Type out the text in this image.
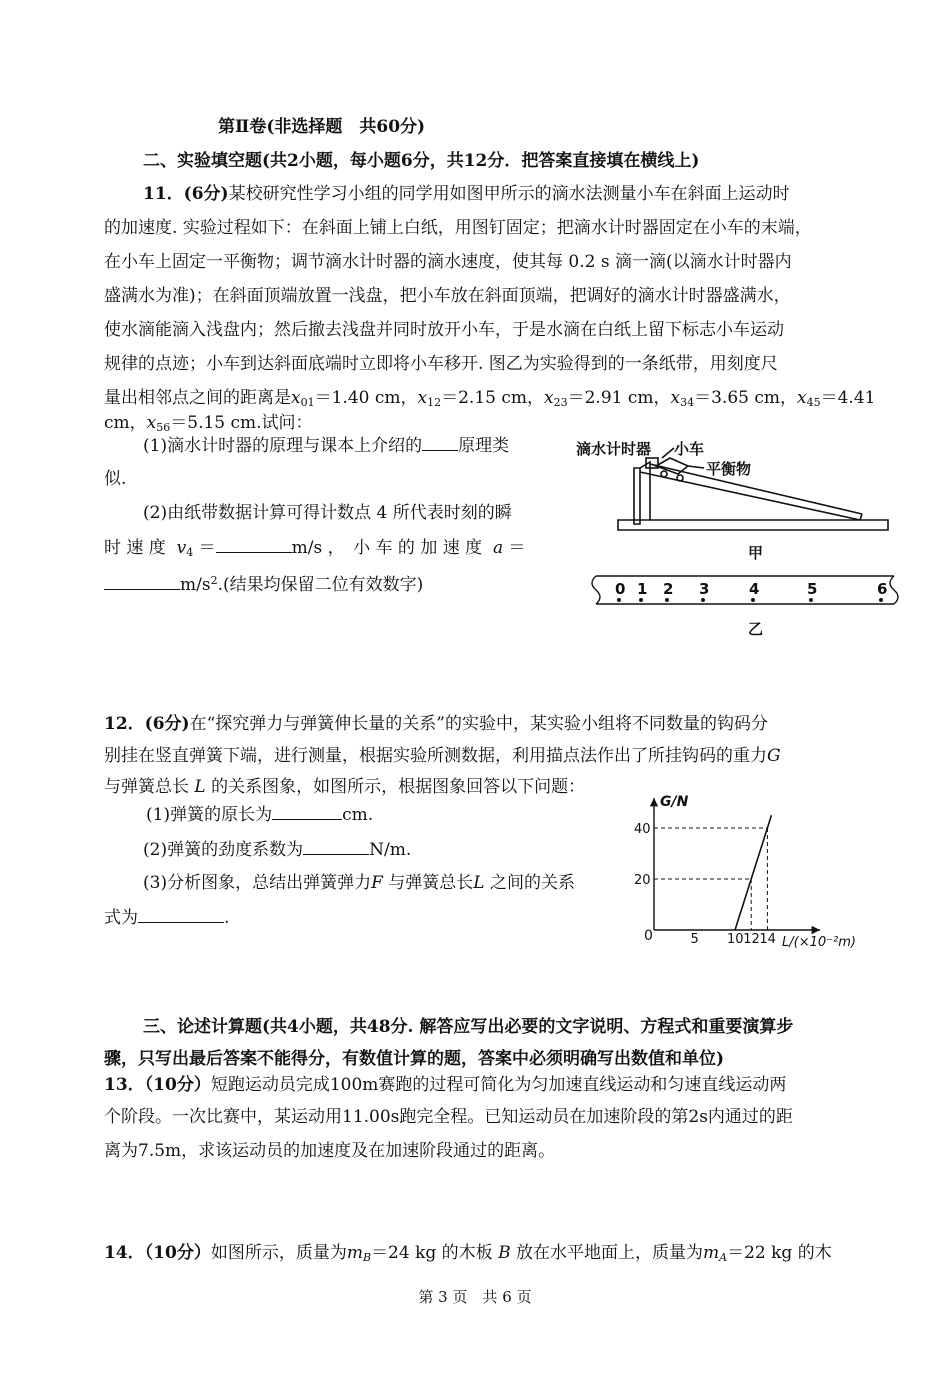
第Ⅱ卷(非选择题　共60分)
二、实验填空题(共2小题，每小题6分，共12分．把答案直接填在横线上)
11．(6分)某校研究性学习小组的同学用如图甲所示的滴水法测量小车在斜面上运动时
的加速度. 实验过程如下：在斜面上铺上白纸，用图钉固定；把滴水计时器固定在小车的末端，
在小车上固定一平衡物；调节滴水计时器的滴水速度，使其每 0.2 s 滴一滴(以滴水计时器内
盛满水为准)；在斜面顶端放置一浅盘，把小车放在斜面顶端，把调好的滴水计时器盛满水，
使水滴能滴入浅盘内；然后撤去浅盘并同时放开小车，于是水滴在白纸上留下标志小车运动
规律的点迹；小车到达斜面底端时立即将小车移开. 图乙为实验得到的一条纸带，用刻度尺
量出相邻点之间的距离是$x_{01}=1.40$ cm，$x_{12}=2.15$ cm，$x_{23}=2.91$ cm，$x_{34}=3.65$ cm，$x_{45}=4.41$
cm，$x_{56}=5.15$ cm.试问：
(1)滴水计时器的原理与课本上介绍的 原理类
似.
(2)由纸带数据计算可得计数点 4 所代表时刻的瞬
时 速 度 $v_4$ ＝	m/s ，　小 车 的 加 速 度 a ＝
$m/s^2$.(结果均保留二位有效数字)
滴水计时器 小车
平衡物
甲
0 1 2 3	4	5	6
乙
12．(6分)在“探究弹力与弹簧伸长量的关系”的实验中，某实验小组将不同数量的钩码分
别挂在竖直弹簧下端，进行测量，根据实验所测数据，利用描点法作出了所挂钩码的重力G
与弹簧总长 L 的关系图象，如图所示，根据图象回答以下问题：
(1)弹簧的原长为	cm.
(2)弹簧的劲度系数为	N/m.
(3)分析图象，总结出弹簧弹力F 与弹簧总长L 之间的关系
式为	.
G/N
L/(×10⁻²m)
0	5 10 12 14
20
40
三、论述计算题(共4小题，共48分. 解答应写出必要的文字说明、方程式和重要演算步
骤，只写出最后答案不能得分，有数值计算的题，答案中必须明确写出数值和单位)
13．（10分）短跑运动员完成100m赛跑的过程可简化为匀加速直线运动和匀速直线运动两
个阶段。一次比赛中，某运动用11.00s跑完全程。已知运动员在加速阶段的第2s内通过的距
离为7.5m，求该运动员的加速度及在加速阶段通过的距离。
14．（10分）如图所示，质量为$m_B=24$ kg 的木板 B 放在水平地面上，质量为$m_A=22$ kg 的木
第 3 页　共 6 页
